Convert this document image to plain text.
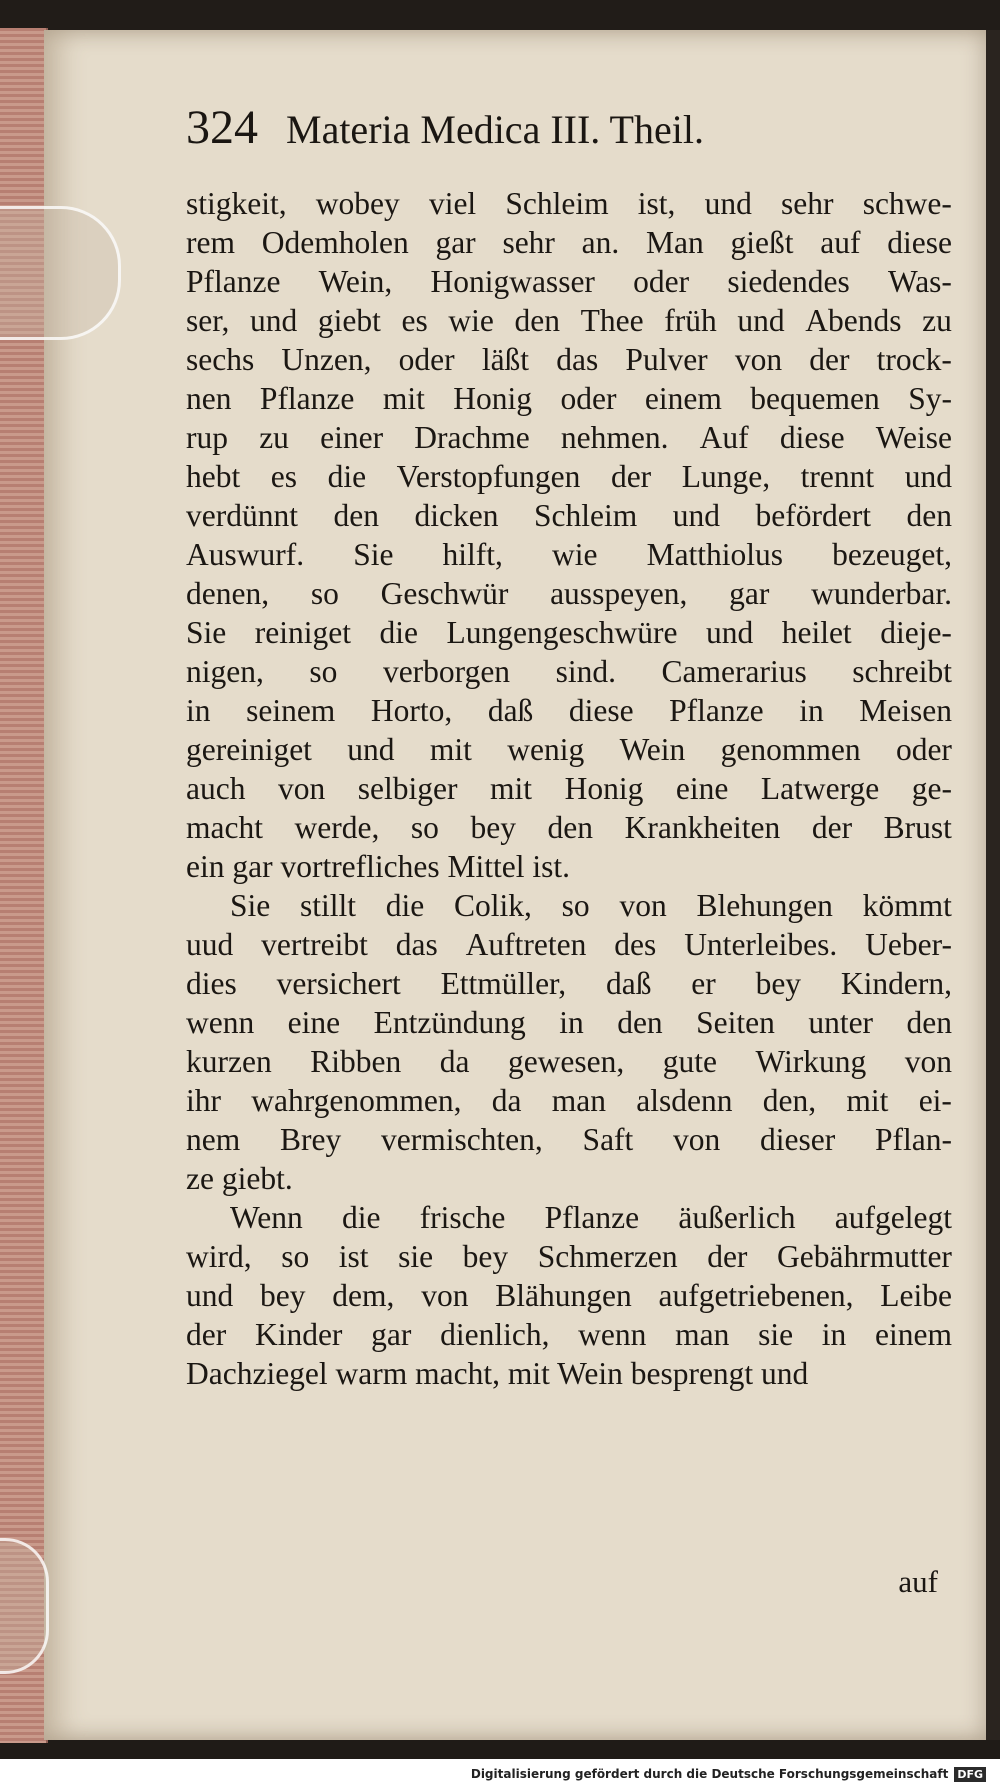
324 Materia Medica III. Theil.
stigkeit, wobey viel Schleim ist, und sehr schwe-
rem Odemholen gar sehr an. Man gießt auf diese
Pflanze Wein, Honigwasser oder siedendes Was-
ser, und giebt es wie den Thee früh und Abends zu
sechs Unzen, oder läßt das Pulver von der trock-
nen Pflanze mit Honig oder einem bequemen Sy-
rup zu einer Drachme nehmen. Auf diese Weise
hebt es die Verstopfungen der Lunge, trennt und
verdünnt den dicken Schleim und befördert den
Auswurf. Sie hilft, wie Matthiolus bezeuget,
denen, so Geschwür ausspeyen, gar wunderbar.
Sie reiniget die Lungengeschwüre und heilet dieje-
nigen, so verborgen sind. Camerarius schreibt
in seinem Horto, daß diese Pflanze in Meisen
gereiniget und mit wenig Wein genommen oder
auch von selbiger mit Honig eine Latwerge ge-
macht werde, so bey den Krankheiten der Brust
ein gar vortrefliches Mittel ist.
Sie stillt die Colik, so von Blehungen kömmt
uud vertreibt das Auftreten des Unterleibes. Ueber-
dies versichert Ettmüller, daß er bey Kindern,
wenn eine Entzündung in den Seiten unter den
kurzen Ribben da gewesen, gute Wirkung von
ihr wahrgenommen, da man alsdenn den, mit ei-
nem Brey vermischten, Saft von dieser Pflan-
ze giebt.
Wenn die frische Pflanze äußerlich aufgelegt
wird, so ist sie bey Schmerzen der Gebährmutter
und bey dem, von Blähungen aufgetriebenen, Leibe
der Kinder gar dienlich, wenn man sie in einem
Dachziegel warm macht, mit Wein besprengt und
auf
Digitalisierung gefördert durch die Deutsche Forschungsgemeinschaft DFG
